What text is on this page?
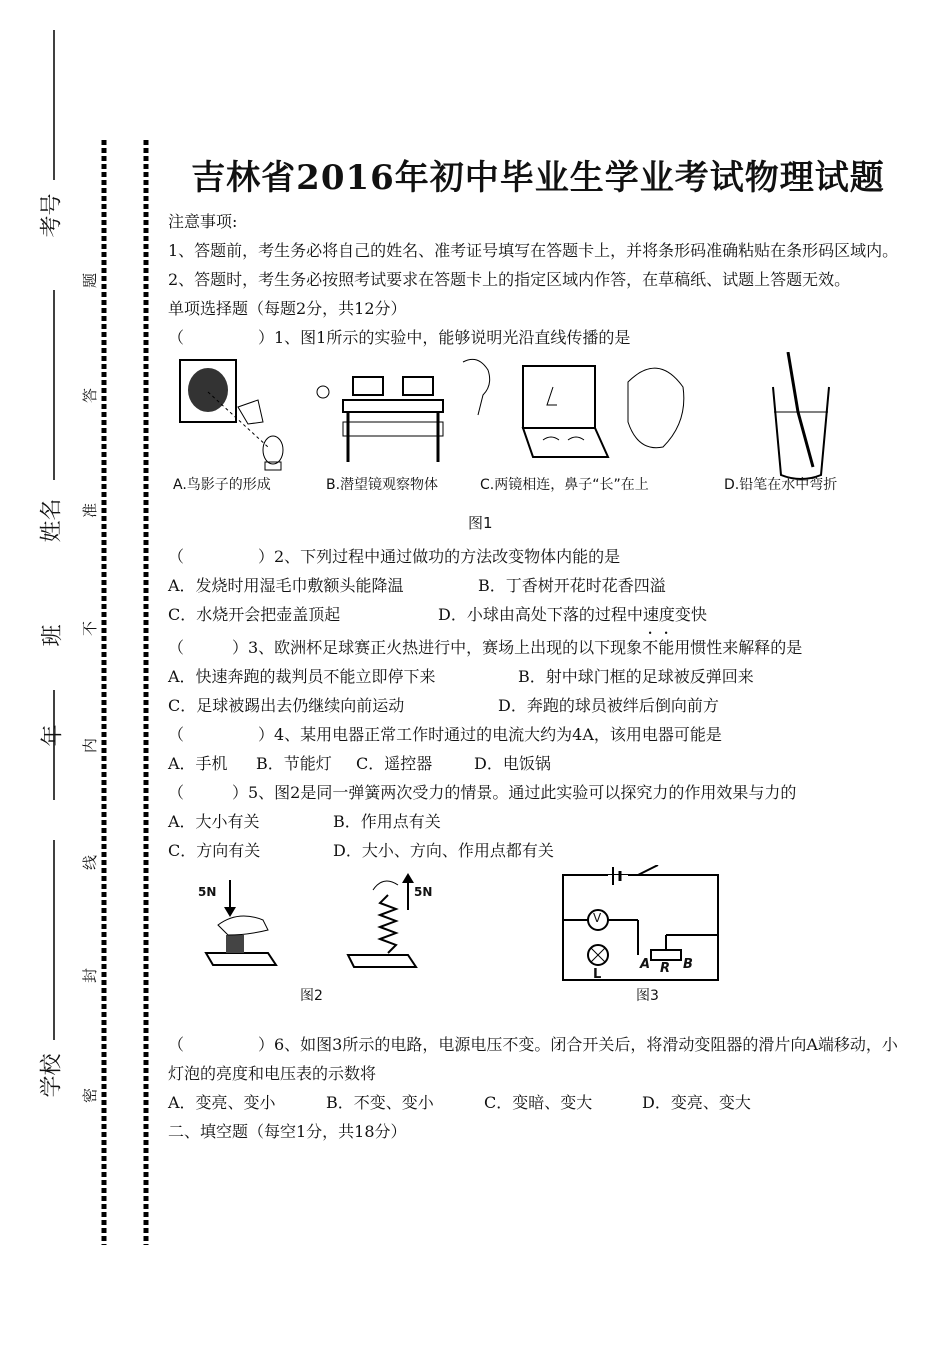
考号
姓名
班
年
学校
题
答
准
不
内
线
封
密
吉林省2016年初中毕业生学业考试物理试题
注意事项:
1、答题前，考生务必将自己的姓名、准考证号填写在答题卡上，并将条形码准确粘贴在条形码区域内。
2、答题时，考生务必按照考试要求在答题卡上的指定区域内作答，在草稿纸、试题上答题无效。
单项选择题（每题2分，共12分）
（	）1、图1所示的实验中，能够说明光沿直线传播的是
A.鸟影子的形成	B.潜望镜观察物体	C.两镜相连，鼻子“长”在上	D.铅笔在水中弯折
图1
（	）2、下列过程中通过做功的方法改变物体内能的是
A．发烧时用湿毛巾敷额头能降温	B．丁香树开花时花香四溢
C．水烧开会把壶盖顶起	D．小球由高处下落的过程中速度变快
（	）3、欧洲杯足球赛正火热进行中，赛场上出现的以下现象不能用惯性来解释的是
A．快速奔跑的裁判员不能立即停下来	B．射中球门框的足球被反弹回来
C．足球被踢出去仍继续向前运动	D．奔跑的球员被绊后倒向前方
（	）4、某用电器正常工作时通过的电流大约为4A，该用电器可能是
A．手机 B．节能灯 C．遥控器	D．电饭锅
（	）5、图2是同一弹簧两次受力的情景。通过此实验可以探究力的作用效果与力的
A．大小有关	B．作用点有关
C．方向有关	D．大小、方向、作用点都有关
5N	5N
图2
V
L
A R B
图3
（	）6、如图3所示的电路，电源电压不变。闭合开关后，将滑动变阻器的滑片向A端移动，小灯泡的亮度和电压表的示数将
A．变亮、变小	B．不变、变小	C．变暗、变大	D．变亮、变大
二、填空题（每空1分，共18分）
